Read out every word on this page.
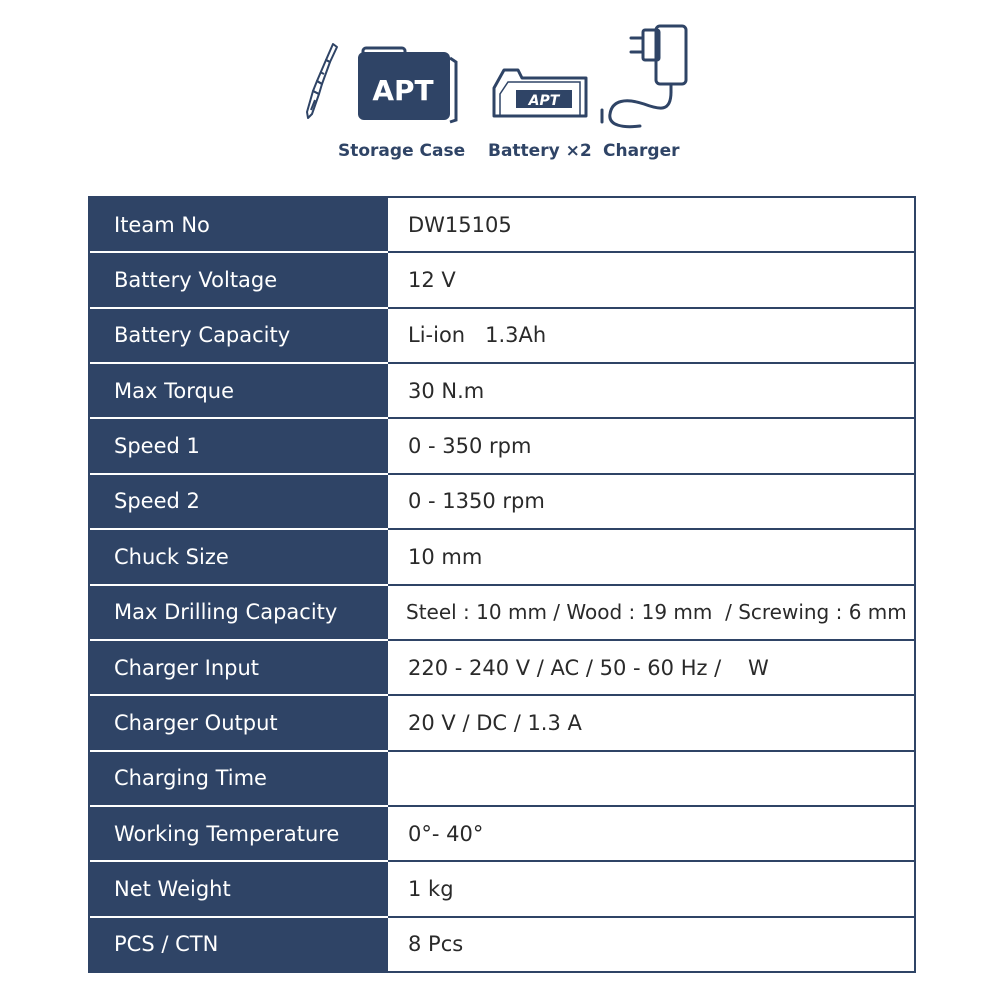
APT	APT
Storage Case Battery ×2 Charger
Iteam No	DW15105
Battery Voltage	12 V
Battery Capacity	Li-ion   1.3Ah
Max Torque	30 N.m
Speed 1	0 - 350 rpm
Speed 2	0 - 1350 rpm
Chuck Size	10 mm
Max Drilling Capacity	Steel : 10 mm / Wood : 19 mm  / Screwing : 6 mm
Charger Input	220 - 240 V / AC / 50 - 60 Hz /    W
Charger Output	20 V / DC / 1.3 A
Charging Time
Working Temperature	0°- 40°
Net Weight	1 kg
PCS / CTN	8 Pcs
